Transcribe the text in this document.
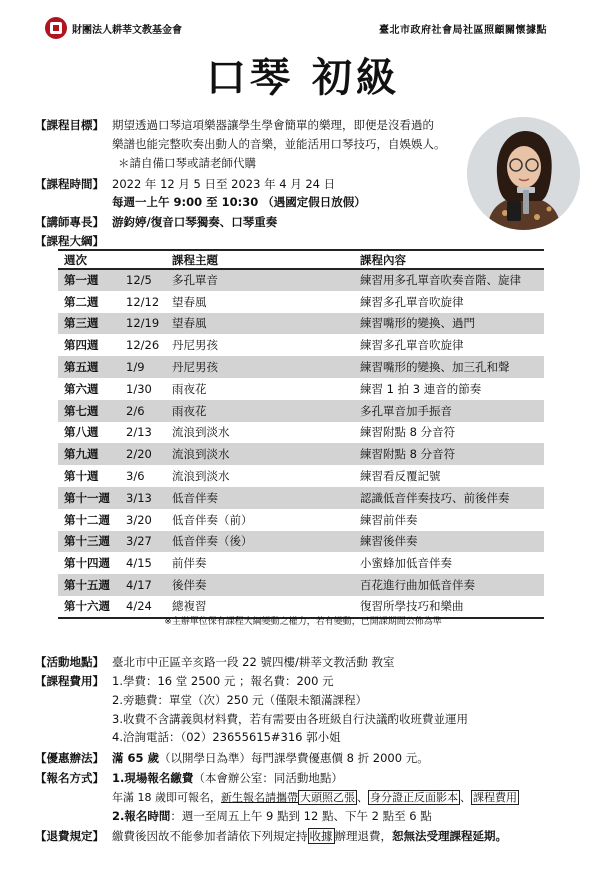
財團法人耕莘文教基金會	臺北市政府社會局社區照顧關懷據點
口琴 初級
【課程目標】 期望透過口琴這項樂器讓學生學會簡單的樂理，即便是沒看過的
樂譜也能完整吹奏出動人的音樂，並能活用口琴技巧，自娛娛人。
＊請自備口琴或請老師代購
【課程時間】 2022 年 12 月 5 日至 2023 年 4 月 24 日
每週一上午 9:00 至 10:30 （遇國定假日放假）
【講師專長】 游鈞婷/復音口琴獨奏、口琴重奏
【課程大綱】
週次		課程主題	課程內容
第一週	12/5	多孔單音	練習用多孔單音吹奏音階、旋律
第二週	12/12	望春風	練習多孔單音吹旋律
第三週	12/19	望春風	練習嘴形的變換、過門
第四週	12/26	丹尼男孩	練習多孔單音吹旋律
第五週	1/9	丹尼男孩	練習嘴形的變換、加三孔和聲
第六週	1/30	雨夜花	練習 1 拍 3 連音的節奏
第七週	2/6	雨夜花	多孔單音加手振音
第八週	2/13	流浪到淡水	練習附點 8 分音符
第九週	2/20	流浪到淡水	練習附點 8 分音符
第十週	3/6	流浪到淡水	練習看反覆記號
第十一週	3/13	低音伴奏	認識低音伴奏技巧、前後伴奏
第十二週	3/20	低音伴奏（前）	練習前伴奏
第十三週	3/27	低音伴奏（後）	練習後伴奏
第十四週	4/15	前伴奏	小蜜蜂加低音伴奏
第十五週	4/17	後伴奏	百花進行曲加低音伴奏
第十六週	4/24	總複習	復習所學技巧和樂曲
※主辦單位保有課程大綱變動之權力，若有變動，已開課期間公佈為準
【活動地點】 臺北市中正區辛亥路一段 22 號四樓/耕莘文教活動 教室
【課程費用】 1.學費：16 堂 2500 元 ；報名費：200 元
2.旁聽費：單堂（次）250 元（僅限未額滿課程）
3.收費不含講義與材料費，若有需要由各班級自行決議酌收班費並運用
4.洽詢電話：（02）23655615#316 郭小姐
【優惠辦法】 滿 65 歲（以開學日為準）每門課學費優惠價 8 折 2000 元。
【報名方式】 1.現場報名繳費（本會辦公室：同活動地點）
年滿 18 歲即可報名，新生報名請攜帶 大頭照乙張 、 身分證正反面影本 、 課程費用
2.報名時間：週一至周五上午 9 點到 12 點、下午 2 點至 6 點
【退費規定】 繳費後因故不能參加者請依下列規定持 收據 辦理退費，恕無法受理課程延期。
